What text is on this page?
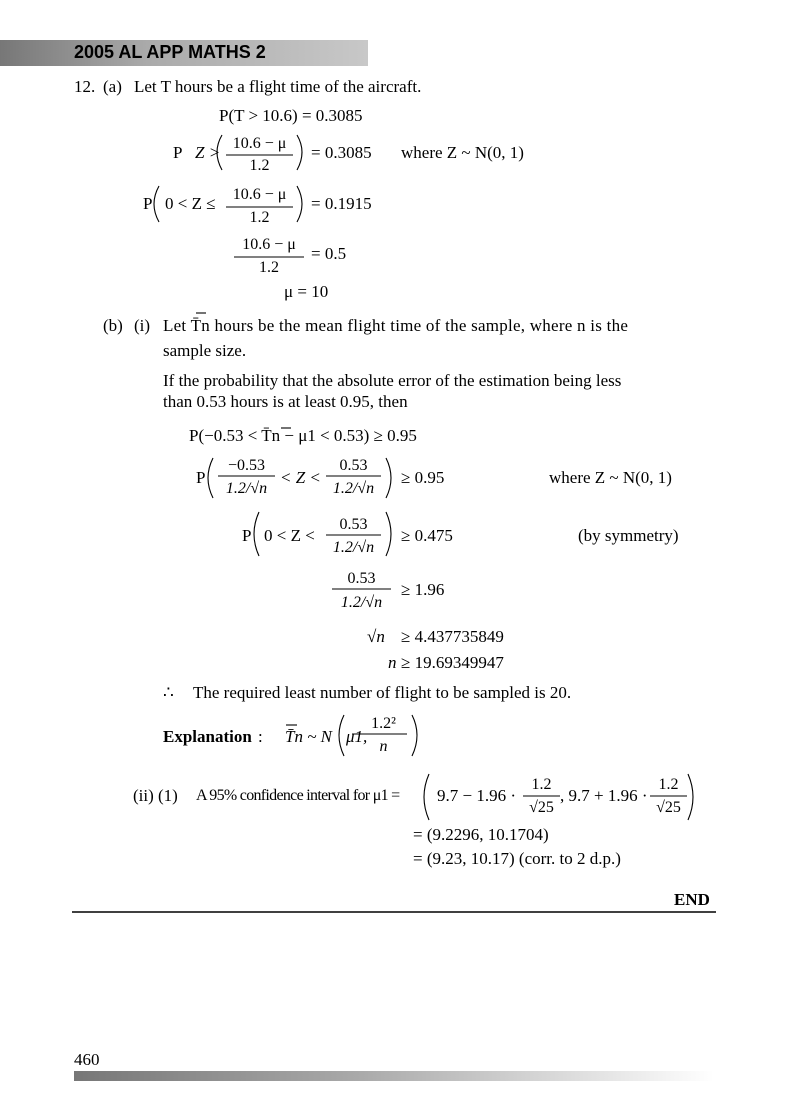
2005 AL APP MATHS 2
12. (a) Let T hours be a flight time of the aircraft.
P(T > 10.6) = 0.3085
P Z > 10.6 − μ
1.2
= 0.3085 where Z ~ N(0, 1)
P 0 < Z ≤	10.6 − μ
1.2
= 0.1915
10.6 − μ
1.2
= 0.5
μ = 10
(b) (i) Let T̄n hours be the mean flight time of the sample, where n is the
sample size.
If the probability that the absolute error of the estimation being less
than 0.53 hours is at least 0.95, then
P(−0.53 < T̄n − μ1 < 0.53) ≥ 0.95
P
−0.53
1.2/√n
< Z <
0.53
1.2/√n
≥ 0.95	where Z ~ N(0, 1)
P 0 < Z <
0.53
1.2/√n
≥ 0.475	(by symmetry)
0.53
1.2/√n
≥ 1.96
√n ≥ 4.437735849
n ≥ 19.69349947
∴ The required least number of flight to be sampled is 20.
Explanation : T̄n ~ N μ1,
1.2²
n
(ii) (1) A 95% confidence interval for μ1 = 9.7 − 1.96 ·
1.2
√25
, 9.7 + 1.96 ·
1.2
√25
= (9.2296, 10.1704)
= (9.23, 10.17) (corr. to 2 d.p.)
END
460
